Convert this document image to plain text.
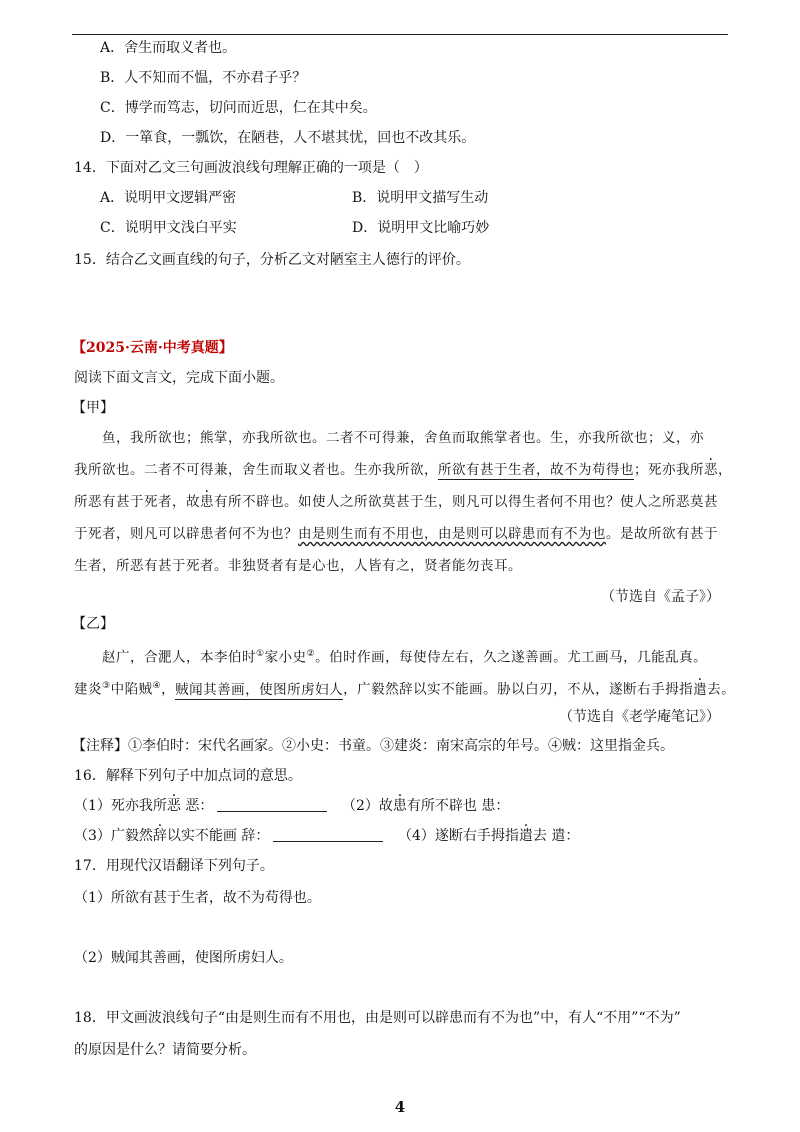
A．舍生而取义者也。
B．人不知而不愠，不亦君子乎？
C．博学而笃志，切问而近思，仁在其中矣。
D．一箪食，一瓢饮，在陋巷，人不堪其忧，回也不改其乐。
14．下面对乙文三句画波浪线句理解正确的一项是（　）
A．说明甲文逻辑严密	B．说明甲文描写生动
C．说明甲文浅白平实	D．说明甲文比喻巧妙
15．结合乙文画直线的句子，分析乙文对陋室主人德行的评价。
【2025·云南·中考真题】
阅读下面文言文，完成下面小题。
【甲】
鱼，我所欲也；熊掌，亦我所欲也。二者不可得兼，舍鱼而取熊掌者也。生，亦我所欲也；义，亦
我所欲也。二者不可得兼，舍生而取义者也。生亦我所欲，所欲有甚于生者，故不为苟得也；死亦我所恶，
所恶有甚于死者，故患有所不辟也。如使人之所欲莫甚于生，则凡可以得生者何不用也？使人之所恶莫甚
于死者，则凡可以辟患者何不为也？由是则生而有不用也，由是则可以辟患而有不为也。是故所欲有甚于
生者，所恶有甚于死者。非独贤者有是心也，人皆有之，贤者能勿丧耳。
（节选自《孟子》）
【乙】
赵广，合淝人，本李伯时①家小史②。伯时作画，每使侍左右，久之遂善画。尤工画马，几能乱真。
建炎③中陷贼④，贼闻其善画，使图所虏妇人，广毅然辞以实不能画。胁以白刃，不从，遂断右手拇指遣去。
（节选自《老学庵笔记》）
【注释】①李伯时：宋代名画家。②小史：书童。③建炎：南宋高宗的年号。④贼：这里指金兵。
16．解释下列句子中加点词的意思。
（1）死亦我所恶 恶：	（2）故患有所不辟也 患：
（3）广毅然辞以实不能画 辞：	（4）遂断右手拇指遣去 遣：
17．用现代汉语翻译下列句子。
（1）所欲有甚于生者，故不为苟得也。
（2）贼闻其善画，使图所虏妇人。
18．甲文画波浪线句子“由是则生而有不用也，由是则可以辟患而有不为也”中，有人“不用”“不为”
的原因是什么？请简要分析。
4
